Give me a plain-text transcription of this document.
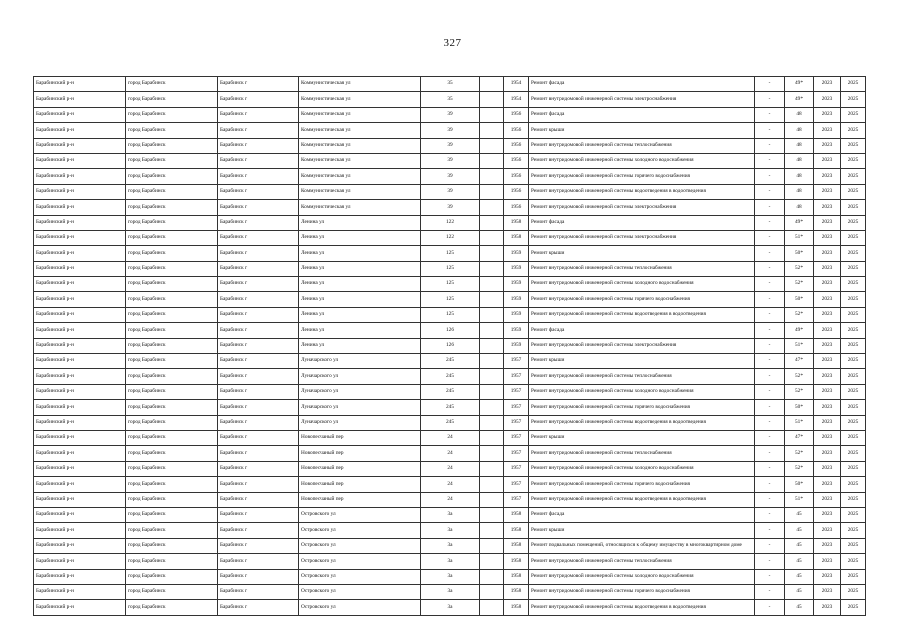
327
Барабинский р-н	город Барабинск	Барабинск г	Коммунистическая ул	35		1954	Ремонт фасада	-	49*	2023	2025
Барабинский р-н	город Барабинск	Барабинск г	Коммунистическая ул	35		1954	Ремонт внутридомовой инженерной системы электроснабжения	-	49*	2023	2025
Барабинский р-н	город Барабинск	Барабинск г	Коммунистическая ул	39		1956	Ремонт фасада	-	48	2023	2025
Барабинский р-н	город Барабинск	Барабинск г	Коммунистическая ул	39		1956	Ремонт крыши	-	48	2023	2025
Барабинский р-н	город Барабинск	Барабинск г	Коммунистическая ул	39		1956	Ремонт внутридомовой инженерной системы теплоснабжения	-	48	2023	2025
Барабинский р-н	город Барабинск	Барабинск г	Коммунистическая ул	39		1956	Ремонт внутридомовой инженерной системы холодного водоснабжения	-	48	2023	2025
Барабинский р-н	город Барабинск	Барабинск г	Коммунистическая ул	39		1956	Ремонт внутридомовой инженерной системы горячего водоснабжения	-	48	2023	2025
Барабинский р-н	город Барабинск	Барабинск г	Коммунистическая ул	39		1956	Ремонт внутридомовой инженерной системы водоотведения в водоотведения	-	48	2023	2025
Барабинский р-н	город Барабинск	Барабинск г	Коммунистическая ул	39		1956	Ремонт внутридомовой инженерной системы электроснабжения	-	48	2023	2025
Барабинский р-н	город Барабинск	Барабинск г	Ленина ул	122		1958	Ремонт фасада	-	49*	2023	2025
Барабинский р-н	город Барабинск	Барабинск г	Ленина ул	122		1958	Ремонт внутридомовой инженерной системы электроснабжения	-	51*	2023	2025
Барабинский р-н	город Барабинск	Барабинск г	Ленина ул	125		1959	Ремонт крыши	-	50*	2023	2025
Барабинский р-н	город Барабинск	Барабинск г	Ленина ул	125		1959	Ремонт внутридомовой инженерной системы теплоснабжения	-	52*	2023	2025
Барабинский р-н	город Барабинск	Барабинск г	Ленина ул	125		1959	Ремонт внутридомовой инженерной системы холодного водоснабжения	-	52*	2023	2025
Барабинский р-н	город Барабинск	Барабинск г	Ленина ул	125		1959	Ремонт внутридомовой инженерной системы горячего водоснабжения	-	50*	2023	2025
Барабинский р-н	город Барабинск	Барабинск г	Ленина ул	125		1959	Ремонт внутридомовой инженерной системы водоотведения в водоотведения	-	52*	2023	2025
Барабинский р-н	город Барабинск	Барабинск г	Ленина ул	126		1959	Ремонт фасада	-	49*	2023	2025
Барабинский р-н	город Барабинск	Барабинск г	Ленина ул	126		1959	Ремонт внутридомовой инженерной системы электроснабжения	-	51*	2023	2025
Барабинский р-н	город Барабинск	Барабинск г	Луначарского ул	245		1957	Ремонт крыши	-	47*	2023	2025
Барабинский р-н	город Барабинск	Барабинск г	Луначарского ул	245		1957	Ремонт внутридомовой инженерной системы теплоснабжения	-	52*	2023	2025
Барабинский р-н	город Барабинск	Барабинск г	Луначарского ул	245		1957	Ремонт внутридомовой инженерной системы холодного водоснабжения	-	52*	2023	2025
Барабинский р-н	город Барабинск	Барабинск г	Луначарского ул	245		1957	Ремонт внутридомовой инженерной системы горячего водоснабжения	-	50*	2023	2025
Барабинский р-н	город Барабинск	Барабинск г	Луначарского ул	245		1957	Ремонт внутридомовой инженерной системы водоотведения в водоотведения	-	51*	2023	2025
Барабинский р-н	город Барабинск	Барабинск г	Новопесчаный пер	24		1957	Ремонт крыши	-	47*	2023	2025
Барабинский р-н	город Барабинск	Барабинск г	Новопесчаный пер	24		1957	Ремонт внутридомовой инженерной системы теплоснабжения	-	52*	2023	2025
Барабинский р-н	город Барабинск	Барабинск г	Новопесчаный пер	24		1957	Ремонт внутридомовой инженерной системы холодного водоснабжения	-	52*	2023	2025
Барабинский р-н	город Барабинск	Барабинск г	Новопесчаный пер	24		1957	Ремонт внутридомовой инженерной системы горячего водоснабжения	-	50*	2023	2025
Барабинский р-н	город Барабинск	Барабинск г	Новопесчаный пер	24		1957	Ремонт внутридомовой инженерной системы водоотведения в водоотведения	-	51*	2023	2025
Барабинский р-н	город Барабинск	Барабинск г	Островского ул	3а		1958	Ремонт фасада	-	45	2023	2025
Барабинский р-н	город Барабинск	Барабинск г	Островского ул	3а		1958	Ремонт крыши	-	45	2023	2025
Барабинский р-н	город Барабинск	Барабинск г	Островского ул	3а		1958	Ремонт подвальных помещений, относящихся к общему имуществу в многоквартирном доме	-	45	2023	2025
Барабинский р-н	город Барабинск	Барабинск г	Островского ул	3а		1958	Ремонт внутридомовой инженерной системы теплоснабжения	-	45	2023	2025
Барабинский р-н	город Барабинск	Барабинск г	Островского ул	3а		1958	Ремонт внутридомовой инженерной системы холодного водоснабжения	-	45	2023	2025
Барабинский р-н	город Барабинск	Барабинск г	Островского ул	3а		1958	Ремонт внутридомовой инженерной системы горячего водоснабжения	-	45	2023	2025
Барабинский р-н	город Барабинск	Барабинск г	Островского ул	3а		1958	Ремонт внутридомовой инженерной системы водоотведения в водоотведения	-	45	2023	2025
